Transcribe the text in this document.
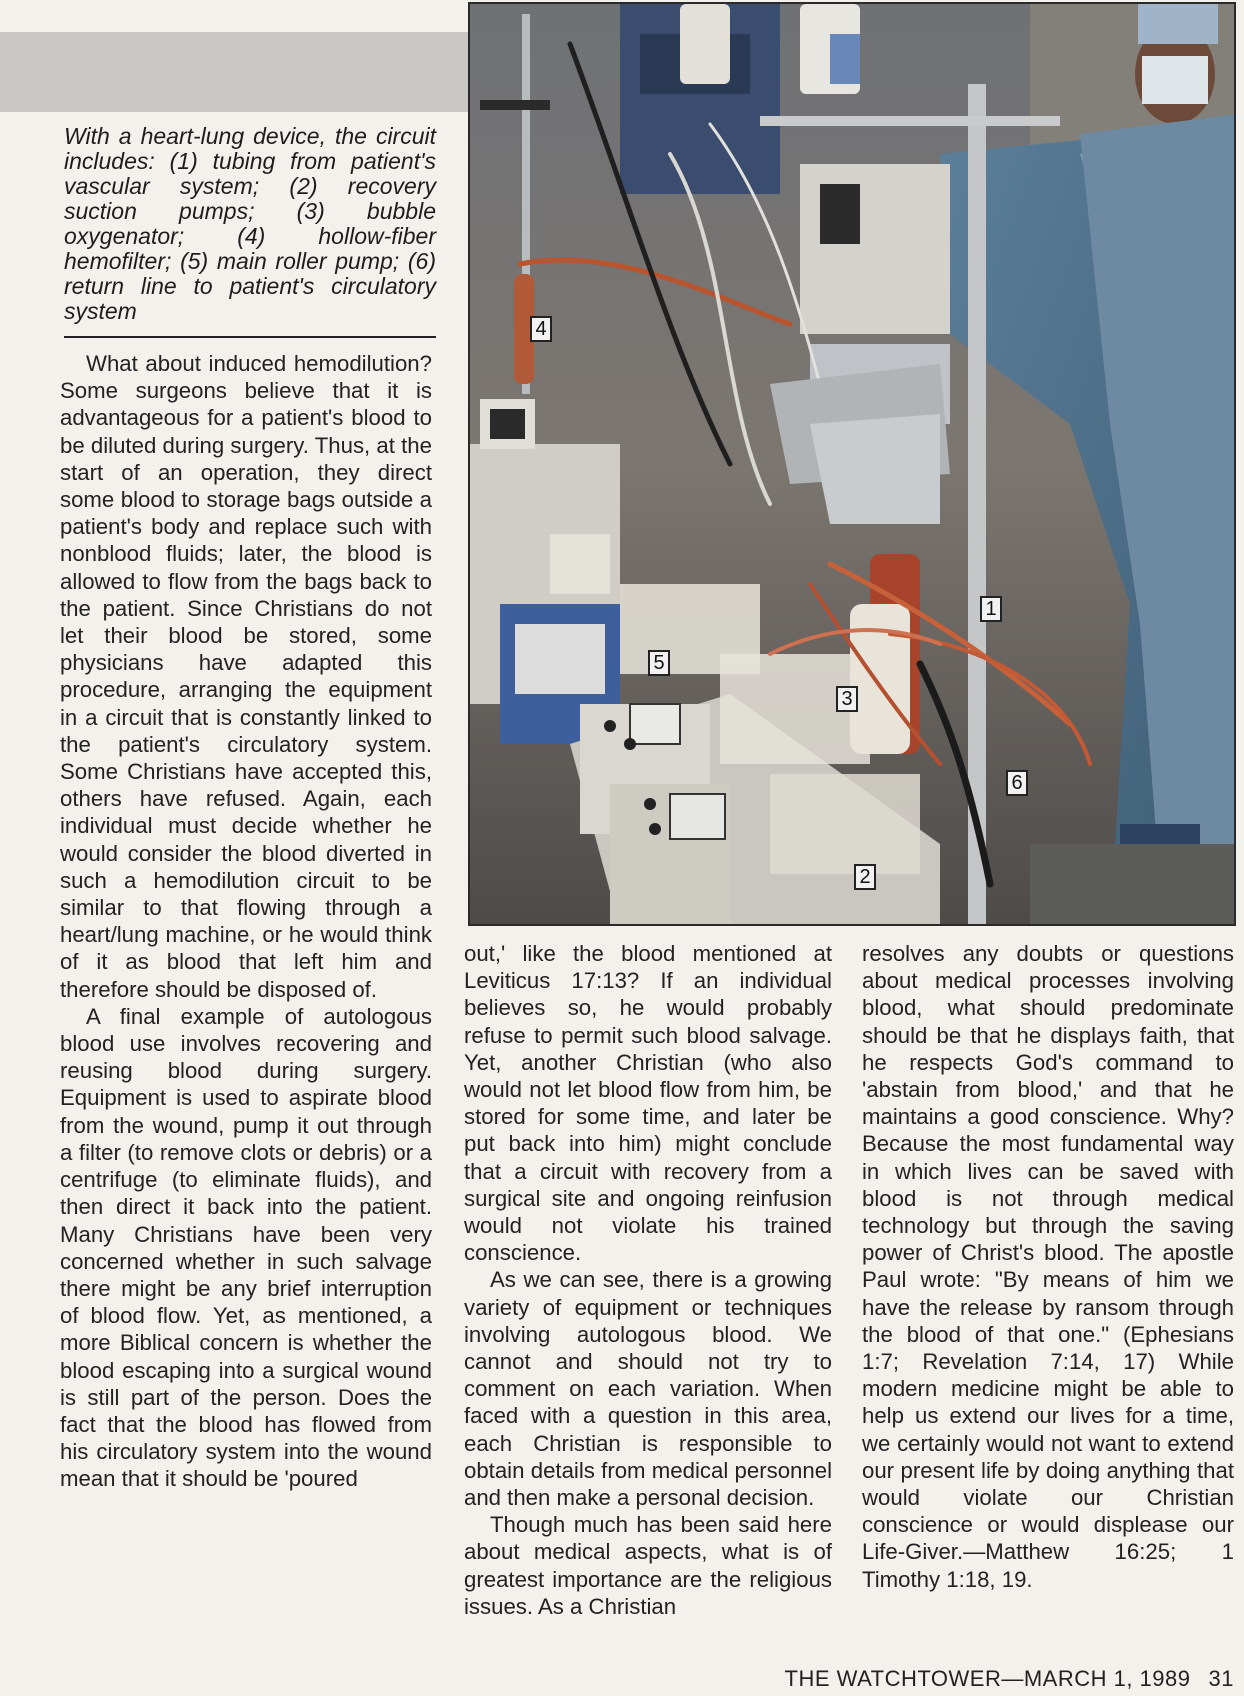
With a heart-lung device, the circuit includes: (1) tubing from patient's vascular system; (2) recovery suction pumps; (3) bubble oxygenator; (4) hollow-fiber hemofilter; (5) main roller pump; (6) return line to patient's circulatory system

1
2
3
4
5
6

What about induced hemodilution? Some surgeons believe that it is advantageous for a patient's blood to be diluted during surgery. Thus, at the start of an operation, they direct some blood to storage bags outside a patient's body and replace such with nonblood fluids; later, the blood is allowed to flow from the bags back to the patient. Since Christians do not let their blood be stored, some physicians have adapted this procedure, arranging the equipment in a circuit that is constantly linked to the patient's circulatory system. Some Christians have accepted this, others have refused. Again, each individual must decide whether he would consider the blood diverted in such a hemodilution circuit to be similar to that flowing through a heart/lung machine, or he would think of it as blood that left him and therefore should be disposed of.

A final example of autologous blood use involves recovering and reusing blood during surgery. Equipment is used to aspirate blood from the wound, pump it out through a filter (to remove clots or debris) or a centrifuge (to eliminate fluids), and then direct it back into the patient. Many Christians have been very concerned whether in such salvage there might be any brief interruption of blood flow. Yet, as mentioned, a more Biblical concern is whether the blood escaping into a surgical wound is still part of the person. Does the fact that the blood has flowed from his circulatory system into the wound mean that it should be 'poured

out,' like the blood mentioned at Leviticus 17:13? If an individual believes so, he would probably refuse to permit such blood salvage. Yet, another Christian (who also would not let blood flow from him, be stored for some time, and later be put back into him) might conclude that a circuit with recovery from a surgical site and ongoing reinfusion would not violate his trained conscience.

As we can see, there is a growing variety of equipment or techniques involving autologous blood. We cannot and should not try to comment on each variation. When faced with a question in this area, each Christian is responsible to obtain details from medical personnel and then make a personal decision.

Though much has been said here about medical aspects, what is of greatest importance are the religious issues. As a Christian

resolves any doubts or questions about medical processes involving blood, what should predominate should be that he displays faith, that he respects God's command to 'abstain from blood,' and that he maintains a good conscience. Why? Because the most fundamental way in which lives can be saved with blood is not through medical technology but through the saving power of Christ's blood. The apostle Paul wrote: "By means of him we have the release by ransom through the blood of that one." (Ephesians 1:7; Revelation 7:14, 17) While modern medicine might be able to help us extend our lives for a time, we certainly would not want to extend our present life by doing anything that would violate our Christian conscience or would displease our Life-Giver.—Matthew 16:25; 1 Timothy 1:18, 19.

THE WATCHTOWER—MARCH 1, 1989 31
